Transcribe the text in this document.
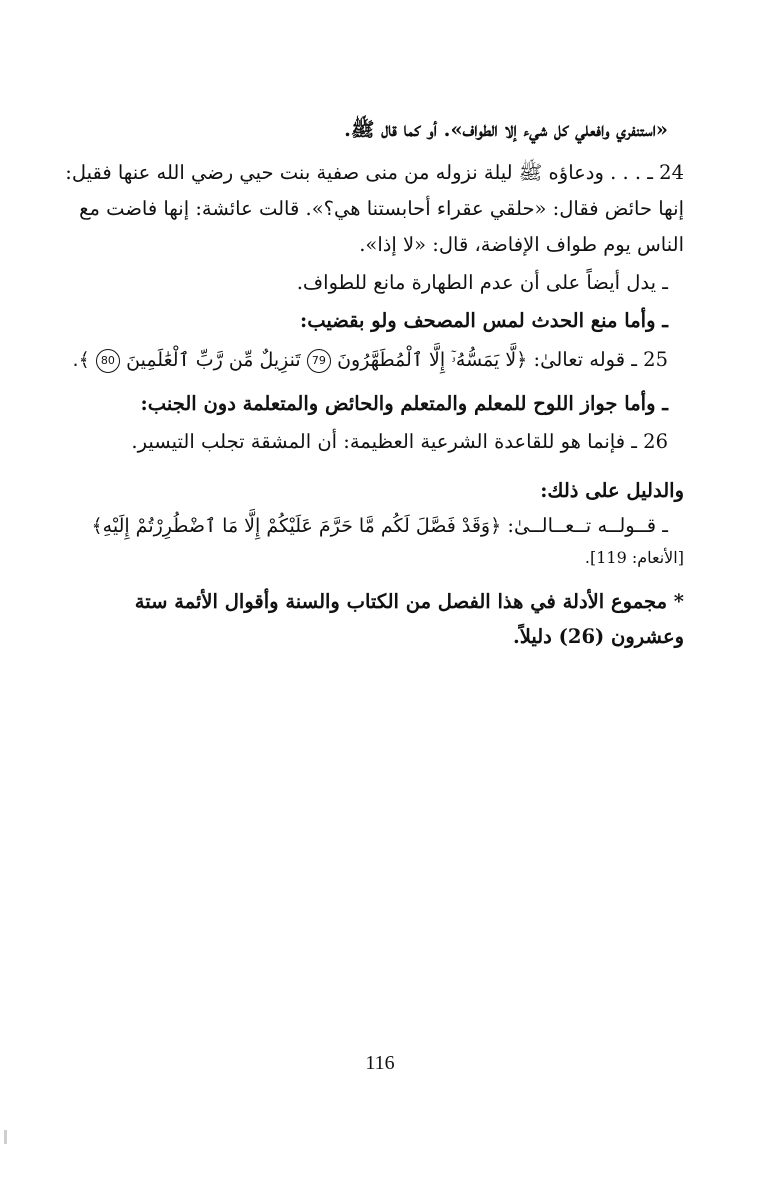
«استنفري وافعلي كل شيء إلا الطواف». أو كما قال ﷺ.
24 ـ . . . ودعاؤه ﷺ ليلة نزوله من منى صفية بنت حيي رضي الله عنها فقيل:
إنها حائض فقال: «حلقي عقراء أحابستنا هي؟». قالت عائشة: إنها فاضت مع
الناس يوم طواف الإفاضة، قال: «لا إذا».
ـ يدل أيضاً على أن عدم الطهارة مانع للطواف.
ـ وأما منع الحدث لمس المصحف ولو بقضيب:
25 ـ قوله تعالىٰ: ﴿لَّا يَمَسُّهُۥٓ إِلَّا ٱلْمُطَهَّرُونَ 79 تَنزِيلٌ مِّن رَّبِّ ٱلْعَٰلَمِينَ 80 ﴾.
ـ وأما جواز اللوح للمعلم والمتعلم والحائض والمتعلمة دون الجنب:
26 ـ فإنما هو للقاعدة الشرعية العظيمة: أن المشقة تجلب التيسير.
والدليل على ذلك:
ـ قــولــه تــعــالــىٰ: ﴿وَقَدْ فَصَّلَ لَكُم مَّا حَرَّمَ عَلَيْكُمْ إِلَّا مَا ٱضْطُرِرْتُمْ إِلَيْهِ﴾
[الأنعام: 119].
* مجموع الأدلة في هذا الفصل من الكتاب والسنة وأقوال الأئمة ستة
وعشرون (26) دليلاً.
116
